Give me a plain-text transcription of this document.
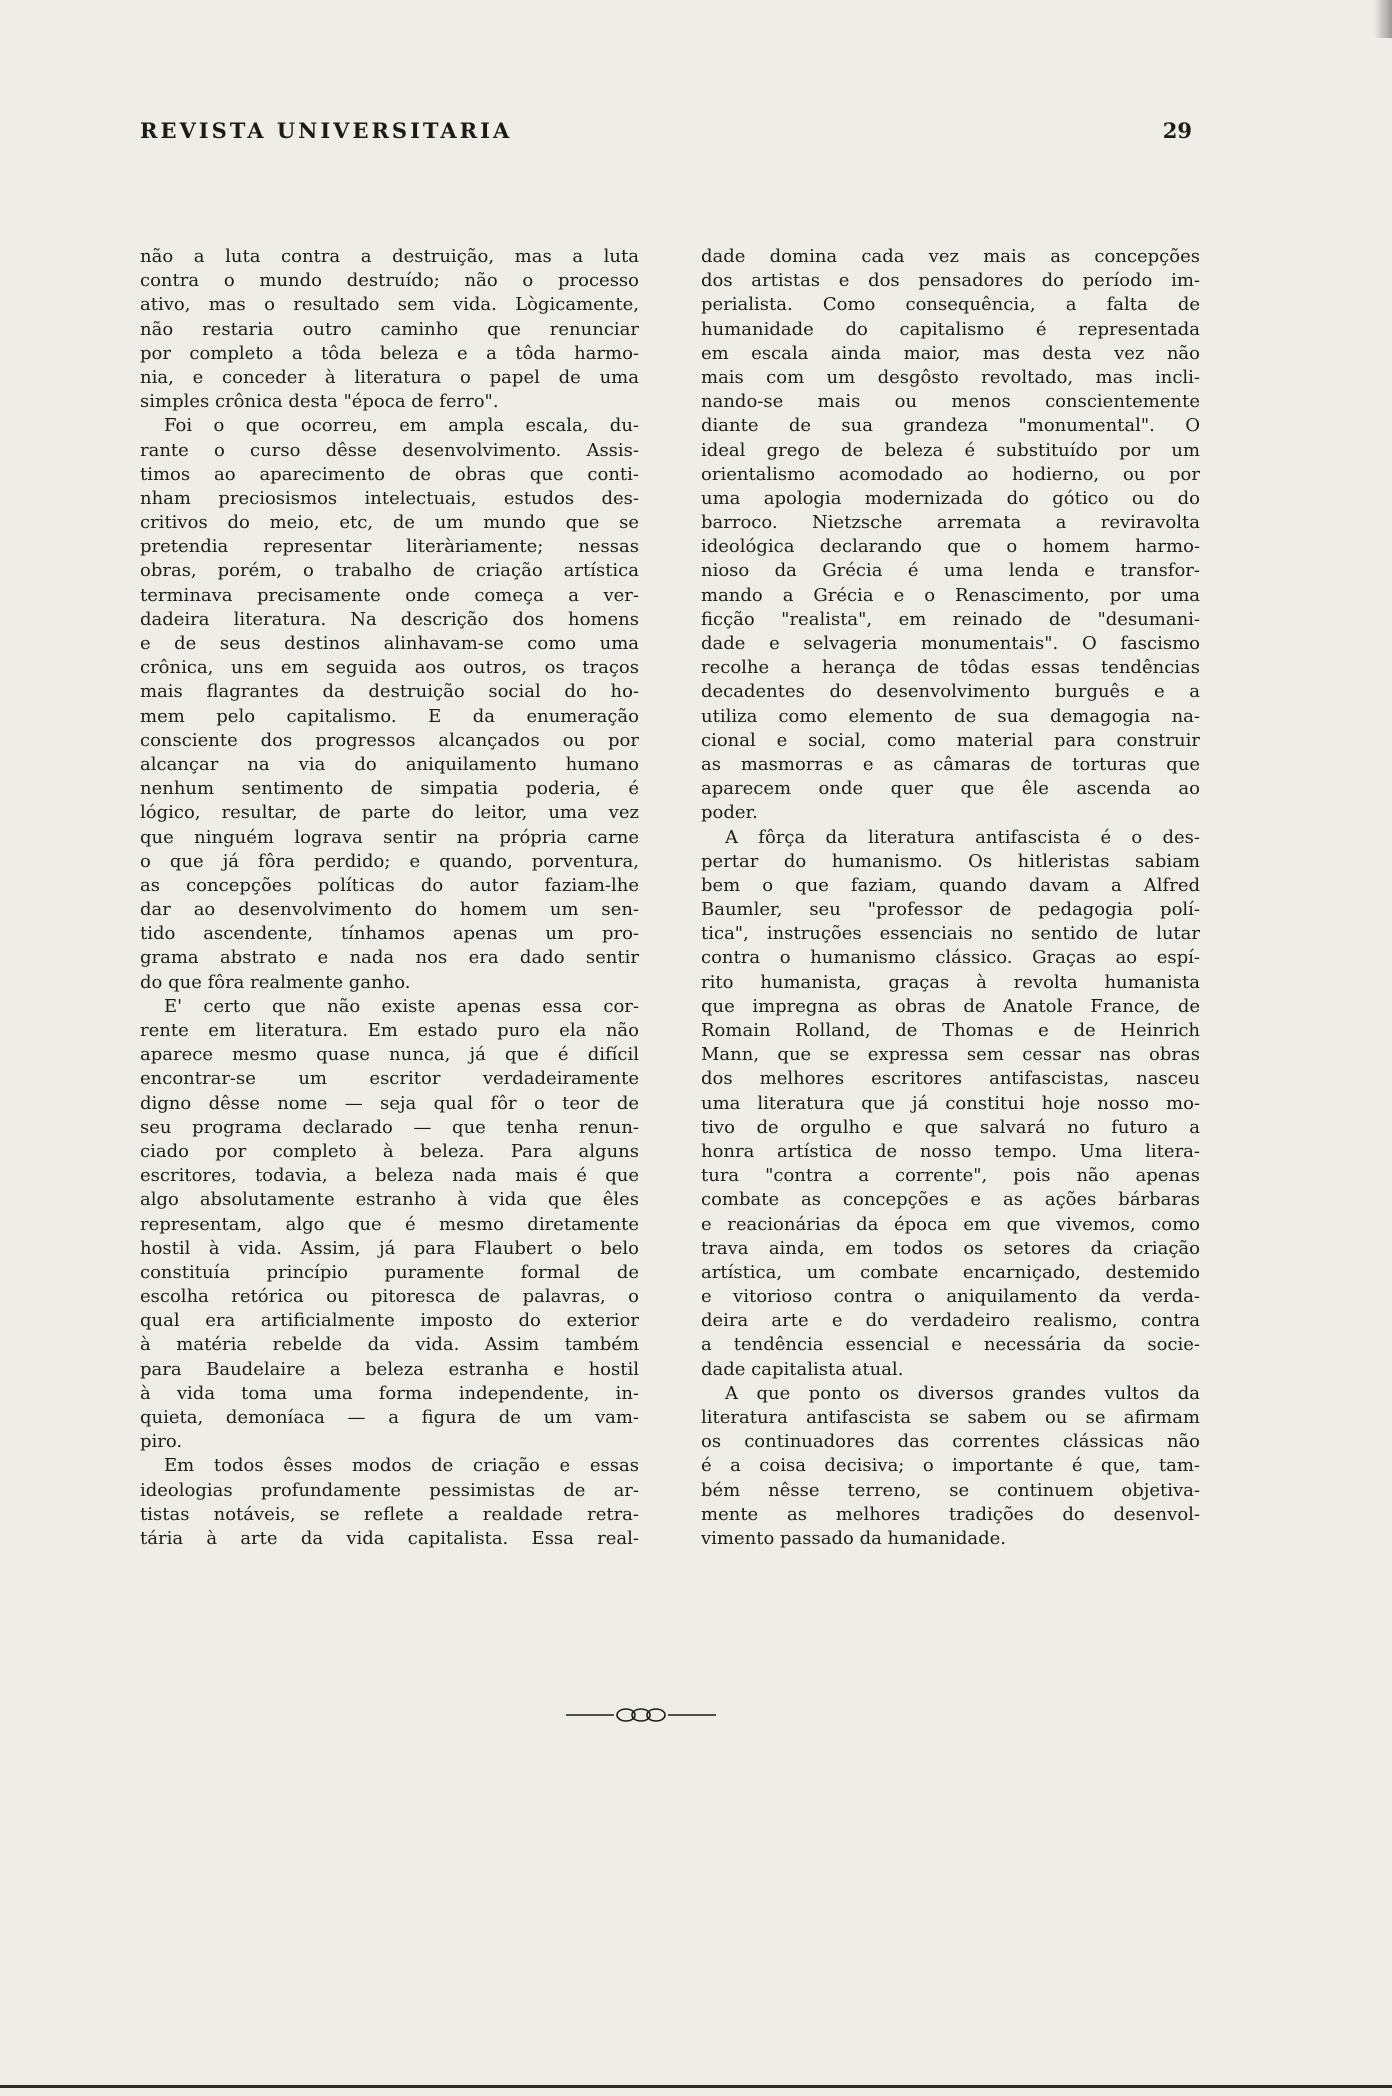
REVISTA UNIVERSITARIA	29
não a luta contra a destruição, mas a luta
contra o mundo destruído; não o processo
ativo, mas o resultado sem vida. Lògicamente,
não restaria outro caminho que renunciar
por completo a tôda beleza e a tôda harmo-
nia, e conceder à literatura o papel de uma
simples crônica desta "época de ferro".
Foi o que ocorreu, em ampla escala, du-
rante o curso dêsse desenvolvimento. Assis-
timos ao aparecimento de obras que conti-
nham preciosismos intelectuais, estudos des-
critivos do meio, etc, de um mundo que se
pretendia representar literàriamente; nessas
obras, porém, o trabalho de criação artística
terminava precisamente onde começa a ver-
dadeira literatura. Na descrição dos homens
e de seus destinos alinhavam-se como uma
crônica, uns em seguida aos outros, os traços
mais flagrantes da destruição social do ho-
mem pelo capitalismo. E da enumeração
consciente dos progressos alcançados ou por
alcançar na via do aniquilamento humano
nenhum sentimento de simpatia poderia, é
lógico, resultar, de parte do leitor, uma vez
que ninguém lograva sentir na própria carne
o que já fôra perdido; e quando, porventura,
as concepções políticas do autor faziam-lhe
dar ao desenvolvimento do homem um sen-
tido ascendente, tínhamos apenas um pro-
grama abstrato e nada nos era dado sentir
do que fôra realmente ganho.
E' certo que não existe apenas essa cor-
rente em literatura. Em estado puro ela não
aparece mesmo quase nunca, já que é difícil
encontrar-se um escritor verdadeiramente
digno dêsse nome — seja qual fôr o teor de
seu programa declarado — que tenha renun-
ciado por completo à beleza. Para alguns
escritores, todavia, a beleza nada mais é que
algo absolutamente estranho à vida que êles
representam, algo que é mesmo diretamente
hostil à vida. Assim, já para Flaubert o belo
constituía princípio puramente formal de
escolha retórica ou pitoresca de palavras, o
qual era artificialmente imposto do exterior
à matéria rebelde da vida. Assim também
para Baudelaire a beleza estranha e hostil
à vida toma uma forma independente, in-
quieta, demoníaca — a figura de um vam-
piro.
Em todos êsses modos de criação e essas
ideologias profundamente pessimistas de ar-
tistas notáveis, se reflete a realdade retra-
tária à arte da vida capitalista. Essa real-
dade domina cada vez mais as concepções
dos artistas e dos pensadores do período im-
perialista. Como consequência, a falta de
humanidade do capitalismo é representada
em escala ainda maior, mas desta vez não
mais com um desgôsto revoltado, mas incli-
nando-se mais ou menos conscientemente
diante de sua grandeza "monumental". O
ideal grego de beleza é substituído por um
orientalismo acomodado ao hodierno, ou por
uma apologia modernizada do gótico ou do
barroco. Nietzsche arremata a reviravolta
ideológica declarando que o homem harmo-
nioso da Grécia é uma lenda e transfor-
mando a Grécia e o Renascimento, por uma
ficção "realista", em reinado de "desumani-
dade e selvageria monumentais". O fascismo
recolhe a herança de tôdas essas tendências
decadentes do desenvolvimento burguês e a
utiliza como elemento de sua demagogia na-
cional e social, como material para construir
as masmorras e as câmaras de torturas que
aparecem onde quer que êle ascenda ao
poder.
A fôrça da literatura antifascista é o des-
pertar do humanismo. Os hitleristas sabiam
bem o que faziam, quando davam a Alfred
Baumler, seu "professor de pedagogia polí-
tica", instruções essenciais no sentido de lutar
contra o humanismo clássico. Graças ao espí-
rito humanista, graças à revolta humanista
que impregna as obras de Anatole France, de
Romain Rolland, de Thomas e de Heinrich
Mann, que se expressa sem cessar nas obras
dos melhores escritores antifascistas, nasceu
uma literatura que já constitui hoje nosso mo-
tivo de orgulho e que salvará no futuro a
honra artística de nosso tempo. Uma litera-
tura "contra a corrente", pois não apenas
combate as concepções e as ações bárbaras
e reacionárias da época em que vivemos, como
trava ainda, em todos os setores da criação
artística, um combate encarniçado, destemido
e vitorioso contra o aniquilamento da verda-
deira arte e do verdadeiro realismo, contra
a tendência essencial e necessária da socie-
dade capitalista atual.
A que ponto os diversos grandes vultos da
literatura antifascista se sabem ou se afirmam
os continuadores das correntes clássicas não
é a coisa decisiva; o importante é que, tam-
bém nêsse terreno, se continuem objetiva-
mente as melhores tradições do desenvol-
vimento passado da humanidade.
